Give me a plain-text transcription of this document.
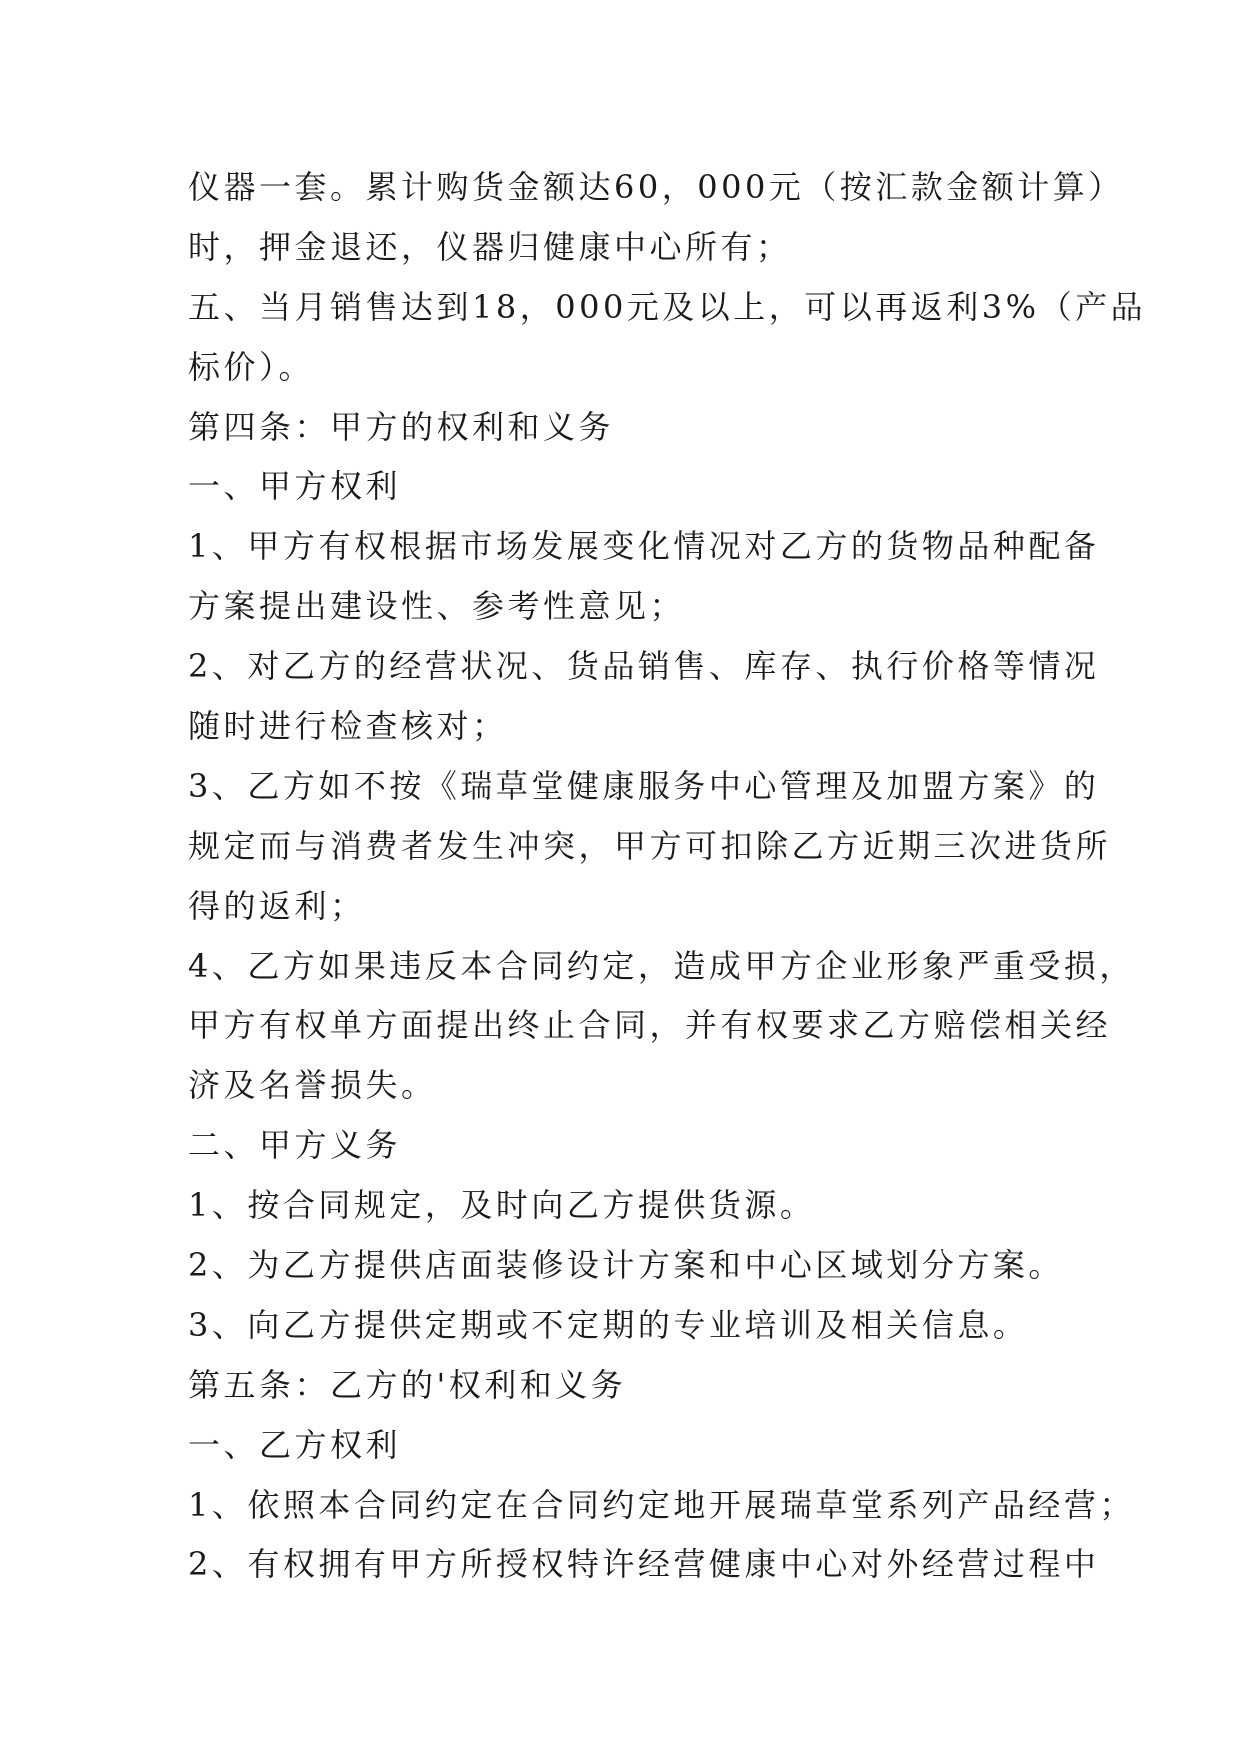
仪器一套。累计购货金额达60，000元（按汇款金额计算）
时，押金退还，仪器归健康中心所有；
五、当月销售达到18，000元及以上，可以再返利3%（产品
标价）。
第四条：甲方的权利和义务
一、甲方权利
1、甲方有权根据市场发展变化情况对乙方的货物品种配备
方案提出建设性、参考性意见；
2、对乙方的经营状况、货品销售、库存、执行价格等情况
随时进行检查核对；
3、乙方如不按《瑞草堂健康服务中心管理及加盟方案》的
规定而与消费者发生冲突，甲方可扣除乙方近期三次进货所
得的返利；
4、乙方如果违反本合同约定，造成甲方企业形象严重受损，
甲方有权单方面提出终止合同，并有权要求乙方赔偿相关经
济及名誉损失。
二、甲方义务
1、按合同规定，及时向乙方提供货源。
2、为乙方提供店面装修设计方案和中心区域划分方案。
3、向乙方提供定期或不定期的专业培训及相关信息。
第五条：乙方的'权利和义务
一、乙方权利
1、依照本合同约定在合同约定地开展瑞草堂系列产品经营；
2、有权拥有甲方所授权特许经营健康中心对外经营过程中
